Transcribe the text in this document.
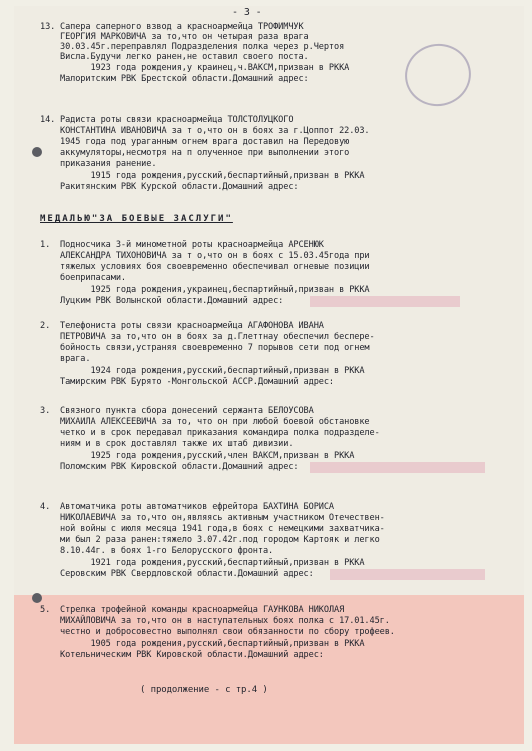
- 3 -
13. Сапера саперного взвод а красноармейца ТРОФИМЧУК
ГЕОРГИЯ МАРКОВИЧА за то,что он четырая раза врага
30.03.45г.переправлял Подразделения полка через р.Чертоя
Висла.Будучи легко ранен,не оставил своего поста.
1923 года рождения,у краинец,ч.ВАКСМ,призван в РККА
Малоритским РВК Брестской области.Домашний адрес:
14. Радиста роты связи красноармейца ТОЛСТОЛУЦКОГО
КОНСТАНТИНА ИВАНОВИЧА за т о,что он в боях за г.Цоппот 22.03.
1945 года под ураганным огнем врага доставил на Передовую
аккумуляторы,несмотря на п олученное при выполнении этого
приказания ранение.
1915 года рождения,русский,беспартийный,призван в РККА
Ракитянским РВК Курской области.Домашний адрес:
МЕДАЛЬЮ"ЗА БОЕВЫЕ ЗАСЛУГИ"
1. Подносчика 3-й минометной роты красноармейца АРСЕНЮК
АЛЕКСАНДРА ТИХОНОВИЧА за т о,что он в боях с 15.03.45года при
тяжелых условиях боя своевременно обеспечивал огневые позиции
боеприпасами.
1925 года рождения,украинец,беспартийный,призван в РККА
Луцким РВК Волынской области.Домашний адрес:
2. Телефониста роты связи красноармейца АГАФОНОВА ИВАНА
ПЕТРОВИЧА за то,что он в боях за д.Глеттнау обеспечил беспере-
бойность связи,устраняя своевременно 7 порывов сети под огнем
врага.
1924 года рождения,русский,беспартийный,призван в РККА
Тамирским РВК Бурято -Монгольской АССР.Домашний адрес:
3. Связного пункта сбора донесений сержанта БЕЛОУСОВА
МИХАИЛА АЛЕКСЕЕВИЧА за то, что он при любой боевой обстановке
четко и в срок передавал приказания командира полка подразделе-
ниям и в срок доставлял также их штаб дивизии.
1925 года рождения,русский,член ВАКСМ,призван в РККА
Поломским РВК Кировской области.Домашний адрес:
4. Автоматчика роты автоматчиков ефрейтора БАХТИНА БОРИСА
НИКОЛАЕВИЧА за то,что он,являясь активным участником Отечествен-
ной войны с июля месяца 1941 года,в боях с немецкими захватчика-
ми был 2 раза ранен:тяжело 3.07.42г.под городом Картояк и легко
8.10.44г. в боях 1-го Белорусского фронта.
1921 года рождения,русский,беспартийный,призван в РККА
Серовским РВК Свердловской области.Домашний адрес:
5. Стрелка трофейной команды красноармейца ГАУНКОВА НИКОЛАЯ
МИХАЙЛОВИЧА за то,что он в наступательных боях полка с 17.01.45г.
честно и добросовестно выполнял свои обязанности по сбору трофеев.
1905 года рождения,русский,беспартийный,призван в РККА
Котельническим РВК Кировской области.Домашний адрес:
( продолжение - с тр.4 )
